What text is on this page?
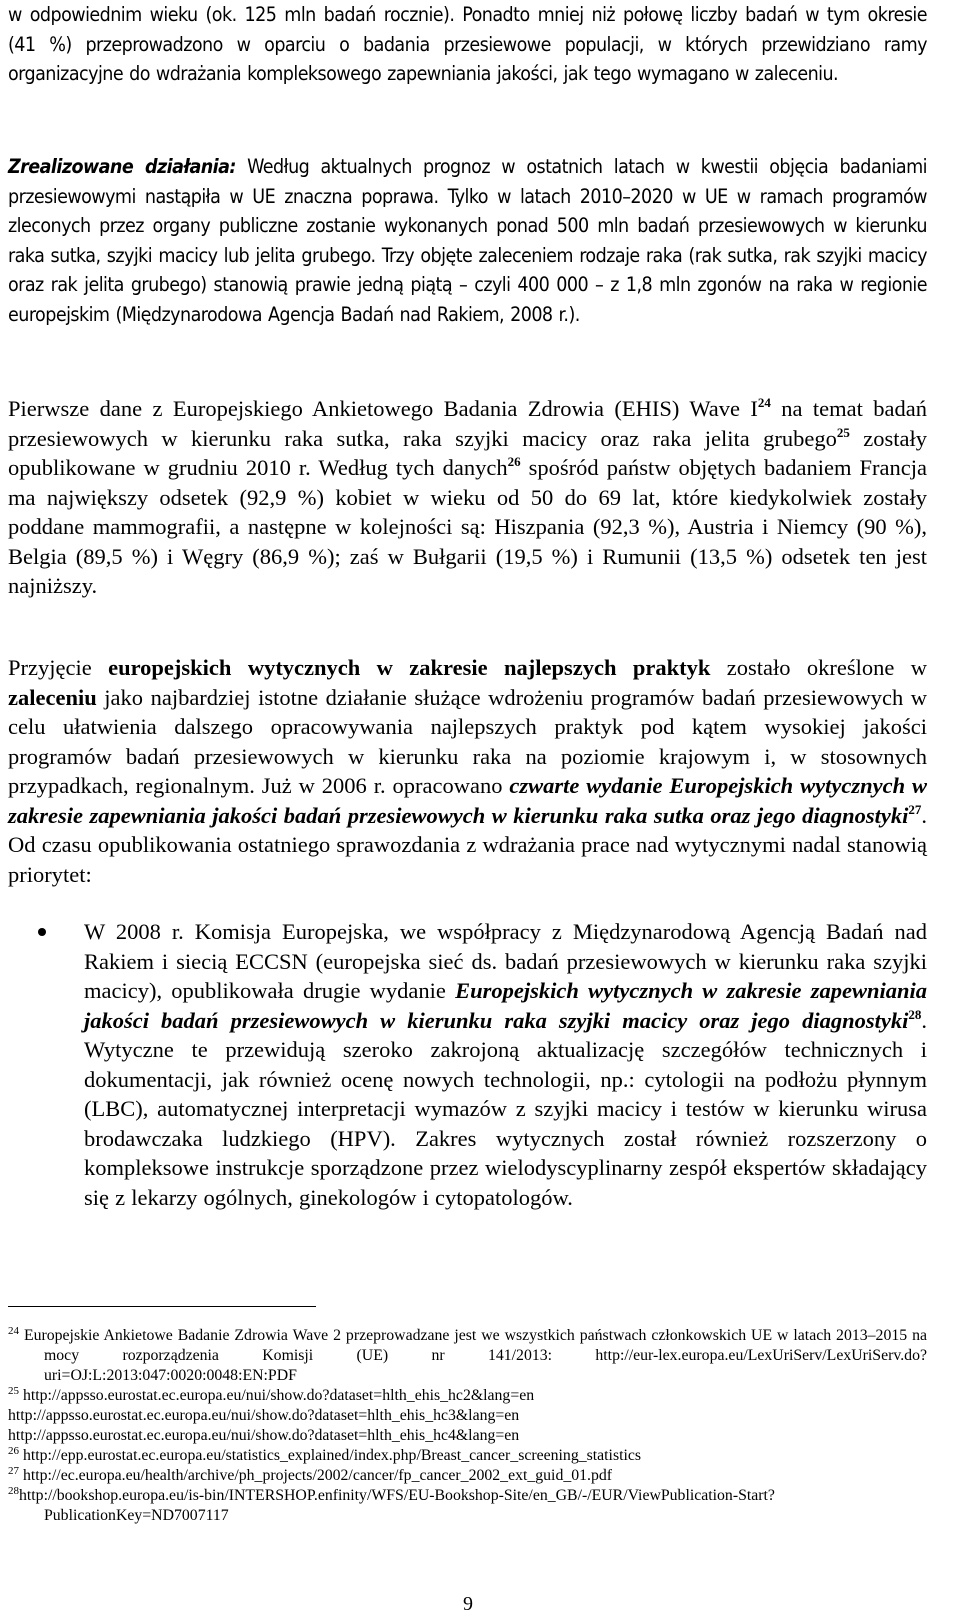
w odpowiednim wieku (ok. 125 mln badań rocznie). Ponadto mniej niż połowę liczby badań w tym okresie (41 %) przeprowadzono w oparciu o badania przesiewowe populacji, w których przewidziano ramy organizacyjne do wdrażania kompleksowego zapewniania jakości, jak tego wymagano w zaleceniu.

Zrealizowane działania: Według aktualnych prognoz w ostatnich latach w kwestii objęcia badaniami przesiewowymi nastąpiła w UE znaczna poprawa. Tylko w latach 2010–2020 w UE w ramach programów zleconych przez organy publiczne zostanie wykonanych ponad 500 mln badań przesiewowych w kierunku raka sutka, szyjki macicy lub jelita grubego. Trzy objęte zaleceniem rodzaje raka (rak sutka, rak szyjki macicy oraz rak jelita grubego) stanowią prawie jedną piątą – czyli 400 000 – z 1,8 mln zgonów na raka w regionie europejskim (Międzynarodowa Agencja Badań nad Rakiem, 2008 r.).

Pierwsze dane z Europejskiego Ankietowego Badania Zdrowia (EHIS) Wave $I^{24}$ na temat badań przesiewowych w kierunku raka sutka, raka szyjki macicy oraz raka jelita grubego$^{25}$ zostały opublikowane w grudniu 2010 r. Według tych danych$^{26}$ spośród państw objętych badaniem Francja ma największy odsetek (92,9 %) kobiet w wieku od 50 do 69 lat, które kiedykolwiek zostały poddane mammografii, a następne w kolejności są: Hiszpania (92,3 %), Austria i Niemcy (90 %), Belgia (89,5 %) i Węgry (86,9 %); zaś w Bułgarii (19,5 %) i Rumunii (13,5 %) odsetek ten jest najniższy.

Przyjęcie europejskich wytycznych w zakresie najlepszych praktyk zostało określone w zaleceniu jako najbardziej istotne działanie służące wdrożeniu programów badań przesiewowych w celu ułatwienia dalszego opracowywania najlepszych praktyk pod kątem wysokiej jakości programów badań przesiewowych w kierunku raka na poziomie krajowym i, w stosownych przypadkach, regionalnym. Już w 2006 r. opracowano czwarte wydanie Europejskich wytycznych w zakresie zapewniania jakości badań przesiewowych w kierunku raka sutka oraz jego diagnostyki$^{27}$. Od czasu opublikowania ostatniego sprawozdania z wdrażania prace nad wytycznymi nadal stanowią priorytet:

W 2008 r. Komisja Europejska, we współpracy z Międzynarodową Agencją Badań nad Rakiem i siecią ECCSN (europejska sieć ds. badań przesiewowych w kierunku raka szyjki macicy), opublikowała drugie wydanie Europejskich wytycznych w zakresie zapewniania jakości badań przesiewowych w kierunku raka szyjki macicy oraz jego diagnostyki$^{28}$. Wytyczne te przewidują szeroko zakrojoną aktualizację szczegółów technicznych i dokumentacji, jak również ocenę nowych technologii, np.: cytologii na podłożu płynnym (LBC), automatycznej interpretacji wymazów z szyjki macicy i testów w kierunku wirusa brodawczaka ludzkiego (HPV). Zakres wytycznych został również rozszerzony o kompleksowe instrukcje sporządzone przez wielodyscyplinarny zespół ekspertów składający się z lekarzy ogólnych, ginekologów i cytopatologów.

$^{24}$ Europejskie Ankietowe Badanie Zdrowia Wave 2 przeprowadzane jest we wszystkich państwach członkowskich UE w latach 2013–2015 na mocy rozporządzenia Komisji (UE) nr 141/2013: http://eur-lex.europa.eu/LexUriServ/LexUriServ.do?uri=OJ:L:2013:047:0020:0048:EN:PDF

$^{25}$ http://appsso.eurostat.ec.europa.eu/nui/show.do?dataset=hlth_ehis_hc2&lang=en

http://appsso.eurostat.ec.europa.eu/nui/show.do?dataset=hlth_ehis_hc3&lang=en

http://appsso.eurostat.ec.europa.eu/nui/show.do?dataset=hlth_ehis_hc4&lang=en

$^{26}$ http://epp.eurostat.ec.europa.eu/statistics_explained/index.php/Breast_cancer_screening_statistics

$^{27}$ http://ec.europa.eu/health/archive/ph_projects/2002/cancer/fp_cancer_2002_ext_guid_01.pdf

$^{28}$http://bookshop.europa.eu/is-bin/INTERSHOP.enfinity/WFS/EU-Bookshop-Site/en_GB/-/EUR/ViewPublication-Start?PublicationKey=ND7007117

9
